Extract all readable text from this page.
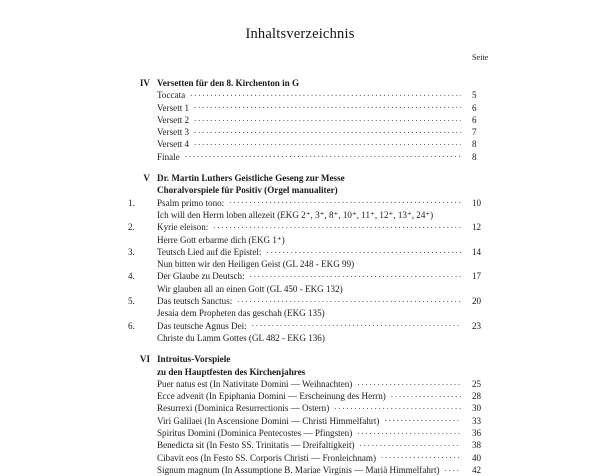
Inhaltsverzeichnis
Seite
IV Versetten für den 8. Kirchenton in G
Toccata .....	5
Versett 1 .....	6
Versett 2 .....	6
Versett 3 .....	7
Versett 4 .....	8
Finale .....	8
V Dr. Martin Luthers Geistliche Geseng zur Messe
Choralvorspiele für Positiv (Orgel manualiter)
1.	Psalm primo tono: .....	10
Ich will den Herrn loben allezeit (EKG 2⁺, 3⁺, 8⁺, 10⁺, 11⁺, 12⁺, 13⁺, 24⁺)
2.	Kyrie eleison: .....	12
Herre Gott erbarme dich (EKG 1⁺)
3.	Teutsch Lied auf die Epistel: .....	14
Nun bitten wir den Heiligen Geist (GL 248 - EKG 99)
4.	Der Glaube zu Deutsch: .....	17
Wir glauben all an einen Gott (GL 450 - EKG 132)
5.	Das teutsch Sanctus: .....	20
Jesaia dem Propheten das geschah (EKG 135)
6.	Das teutsche Agnus Dei: .....	23
Christe du Lamm Gottes (GL 482 - EKG 136)
VI Introitus-Vorspiele
zu den Hauptfesten des Kirchenjahres
Puer natus est (In Nativitate Domini — Weihnachten) .....	25
Ecce advenit (In Epiphania Domini — Erscheinung des Herrn) .....	28
Resurrexi (Dominica Resurrectionis — Ostern) .....	30
Viri Galilaei (In Ascensione Domini — Christi Himmelfahrt) .....	33
Spiritus Domini (Dominica Pentecostes — Pfingsten) .....	36
Benedicta sit (In Festo SS. Trinitatis — Dreifaltigkeit) .....	38
Cibavit eos (In Festo SS. Corporis Christi — Fronleichnam) .....	40
Signum magnum (In Assumptione B. Mariae Virginis — Mariä Himmelfahrt) .....	42
